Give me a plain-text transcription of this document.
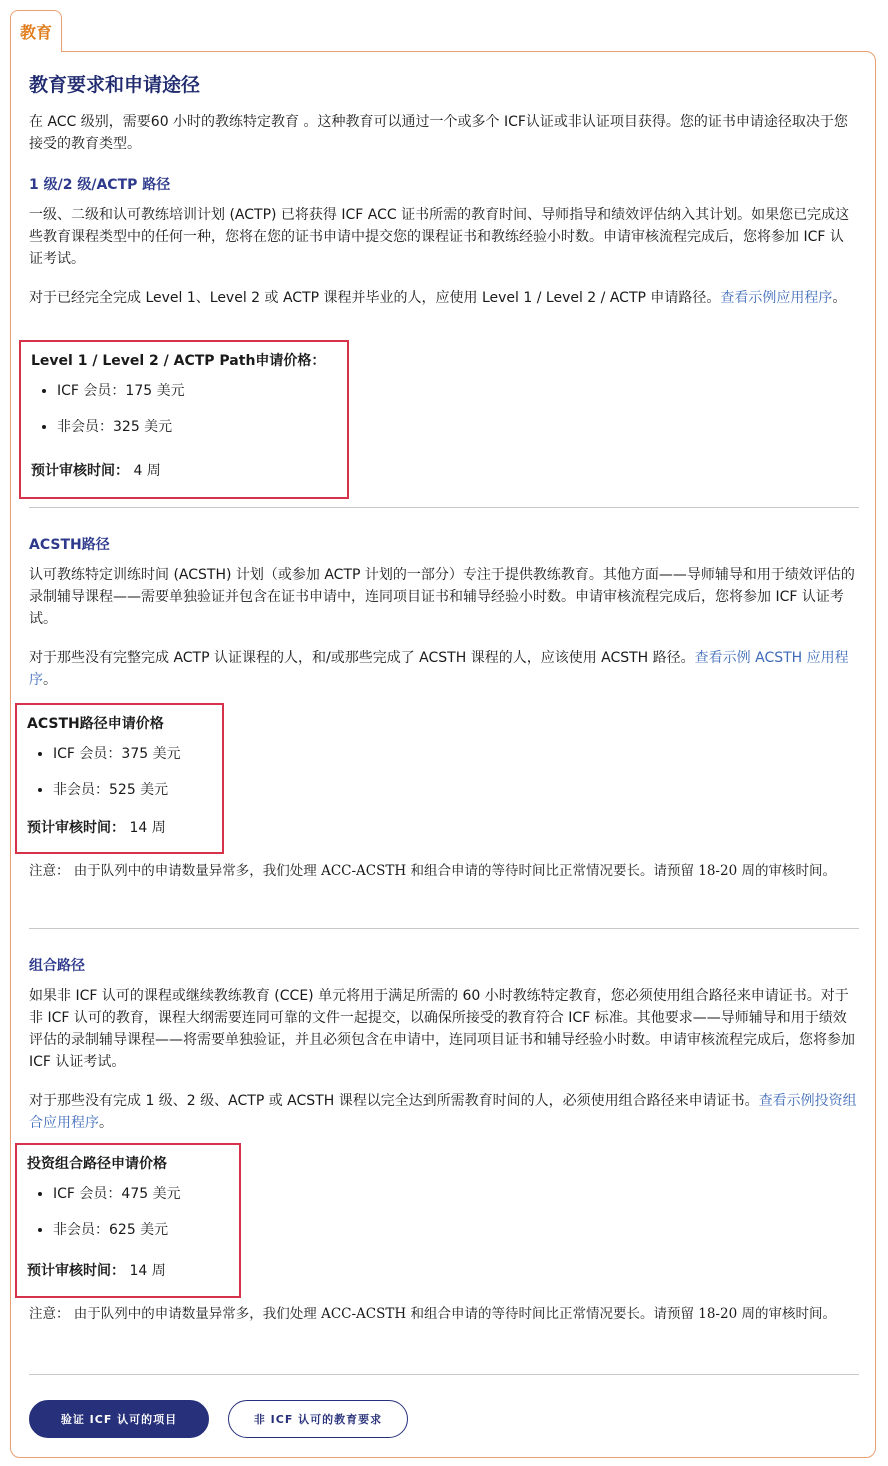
教育
教育要求和申请途径

在 ACC 级别，需要60 小时的教练特定教育 。这种教育可以通过一个或多个 ICF认证或非认证项目获得。您的证书申请途径取决于您接受的教育类型。

1 级/2 级/ACTP 路径

一级、二级和认可教练培训计划 (ACTP) 已将获得 ICF ACC 证书所需的教育时间、导师指导和绩效评估纳入其计划。如果您已完成这些教育课程类型中的任何一种，您将在您的证书申请中提交您的课程证书和教练经验小时数。申请审核流程完成后，您将参加 ICF 认证考试。

对于已经完全完成 Level 1、Level 2 或 ACTP 课程并毕业的人，应使用 Level 1 / Level 2 / ACTP 申请路径。查看示例应用程序。

Level 1 / Level 2 / ACTP Path申请价格：

• ICF 会员：175 美元
• 非会员：325 美元

预计审核时间： 4 周

ACSTH路径

认可教练特定训练时间 (ACSTH) 计划（或参加 ACTP 计划的一部分）专注于提供教练教育。其他方面——导师辅导和用于绩效评估的录制辅导课程——需要单独验证并包含在证书申请中，连同项目证书和辅导经验小时数。申请审核流程完成后，您将参加 ICF 认证考试。

对于那些没有完整完成 ACTP 认证课程的人，和/或那些完成了 ACSTH 课程的人，应该使用 ACSTH 路径。查看示例 ACSTH 应用程序。

ACSTH路径申请价格

• ICF 会员：375 美元
• 非会员：525 美元

预计审核时间： 14 周

注意： 由于队列中的申请数量异常多，我们处理 ACC-ACSTH 和组合申请的等待时间比正常情况要长。请预留 18-20 周的审核时间。

组合路径

如果非 ICF 认可的课程或继续教练教育 (CCE) 单元将用于满足所需的 60 小时教练特定教育，您必须使用组合路径来申请证书。对于非 ICF 认可的教育，课程大纲需要连同可靠的文件一起提交，以确保所接受的教育符合 ICF 标准。其他要求——导师辅导和用于绩效评估的录制辅导课程——将需要单独验证，并且必须包含在申请中，连同项目证书和辅导经验小时数。申请审核流程完成后，您将参加 ICF 认证考试。

对于那些没有完成 1 级、2 级、ACTP 或 ACSTH 课程以完全达到所需教育时间的人，必须使用组合路径来申请证书。查看示例投资组合应用程序。

投资组合路径申请价格

• ICF 会员：475 美元
• 非会员：625 美元

预计审核时间： 14 周

注意： 由于队列中的申请数量异常多，我们处理 ACC-ACSTH 和组合申请的等待时间比正常情况要长。请预留 18-20 周的审核时间。

验证 ICF 认可的项目	非 ICF 认可的教育要求
